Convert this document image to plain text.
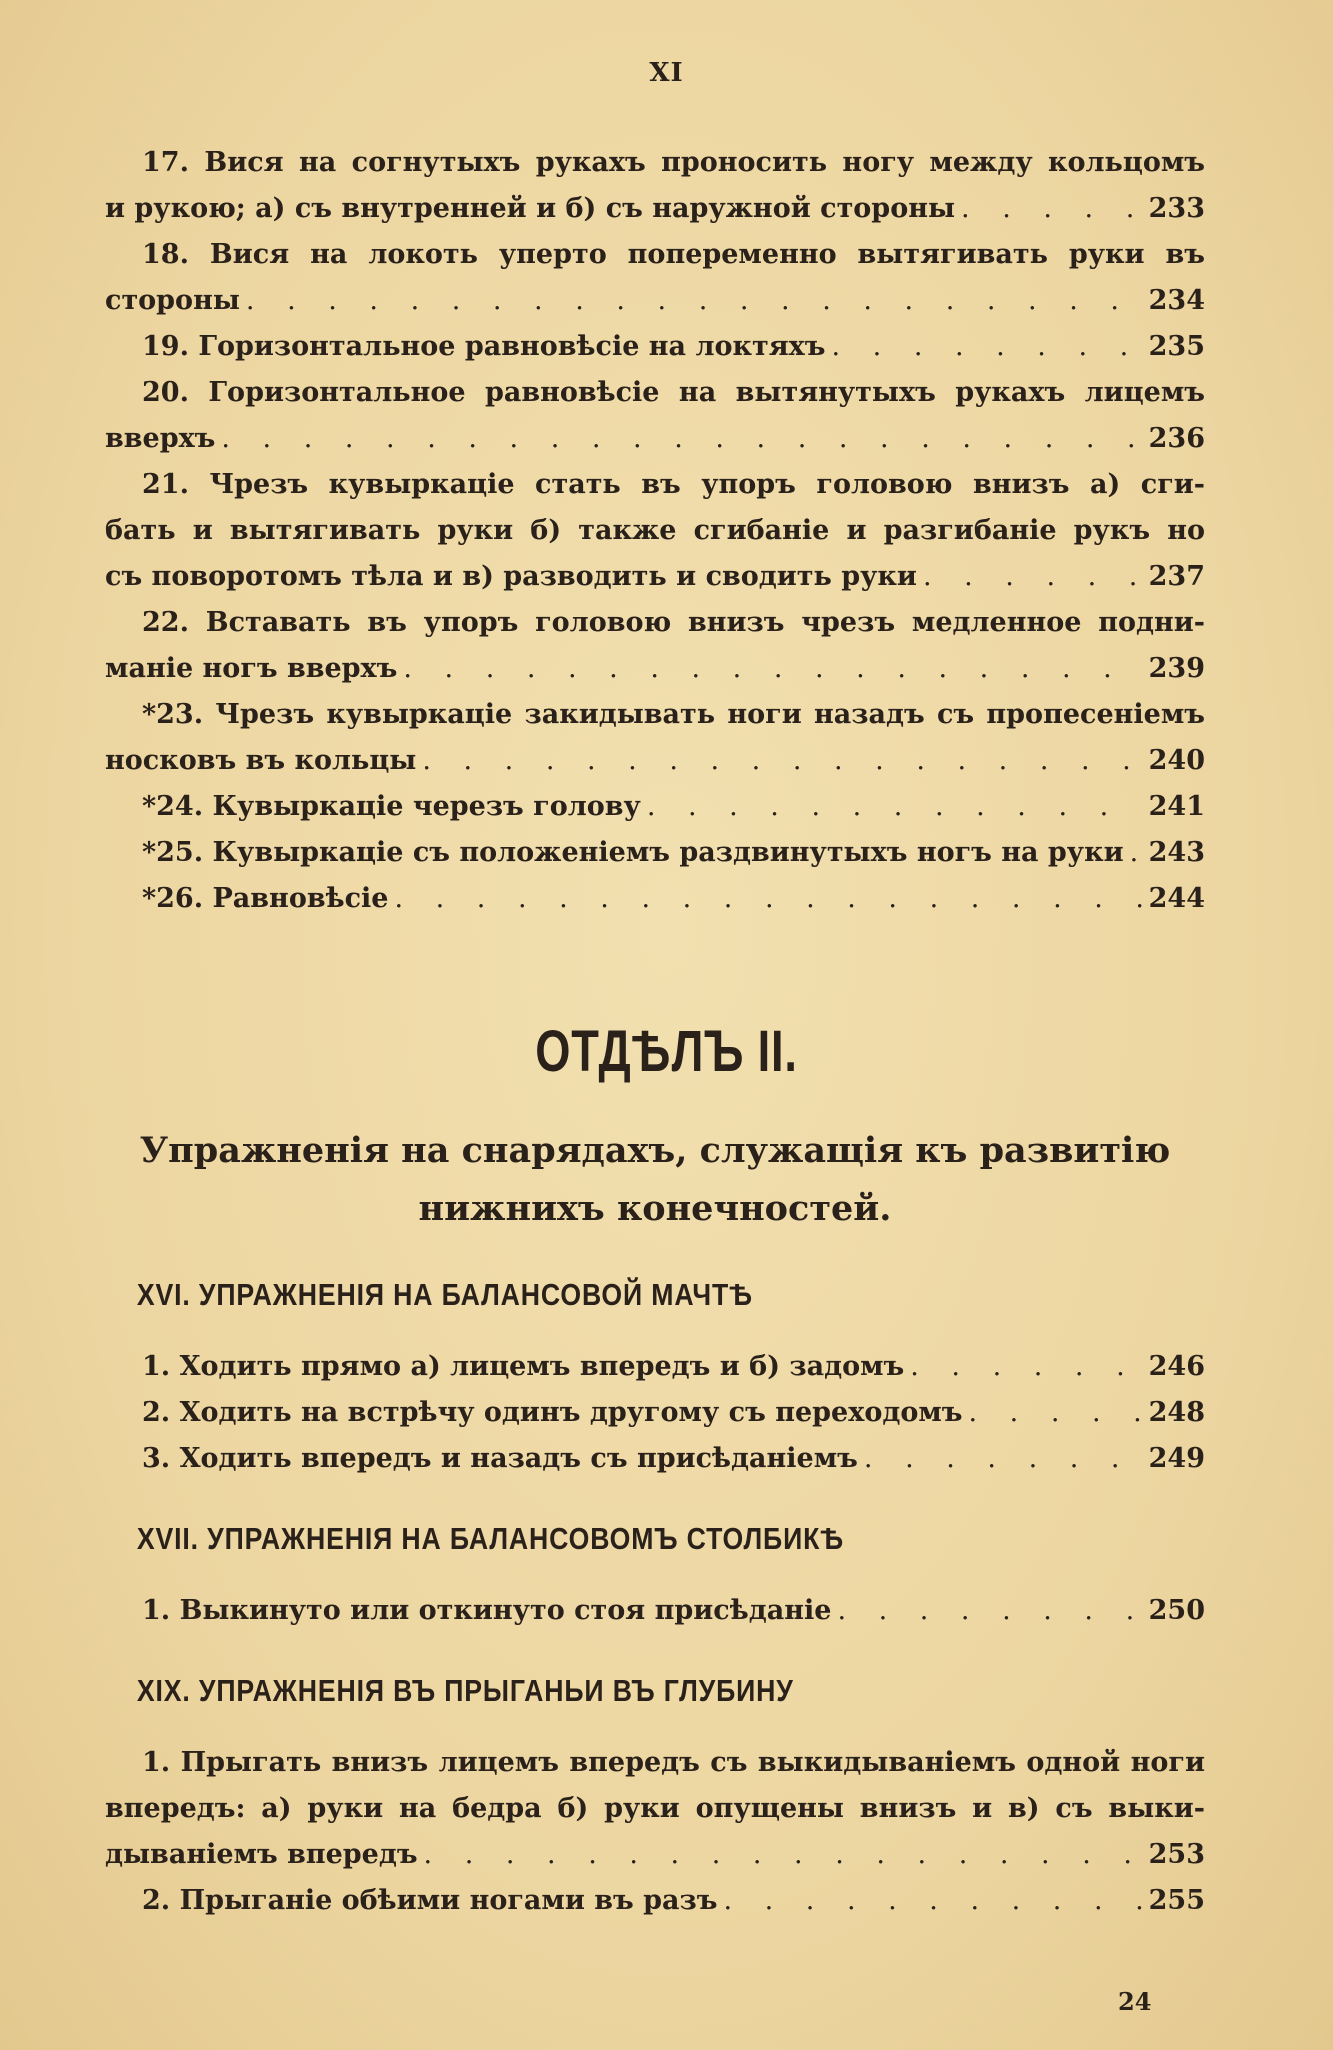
XI
17. Вися на согнутыхъ рукахъ проносить ногу между кольцомъ
и рукою; а) съ внутренней и б) съ наружной стороны . . .	233
18. Вися на локоть уперто попеременно вытягивать руки въ
стороны . . .	234
19. Горизонтальное равновѣсіе на локтяхъ . . .	235
20. Горизонтальное равновѣсіе на вытянутыхъ рукахъ лицемъ
вверхъ . . .	236
21. Чрезъ кувыркаціе стать въ упоръ головою внизъ а) сги-
бать и вытягивать руки б) также сгибаніе и разгибаніе рукъ но
съ поворотомъ тѣла и в) разводить и сводить руки . . .	237
22. Вставать въ упоръ головою внизъ чрезъ медленное подни-
маніе ногъ вверхъ . . .	239
*23. Чрезъ кувыркаціе закидывать ноги назадъ съ пропесеніемъ
носковъ въ кольцы . . .	240
*24. Кувыркаціе черезъ голову . . .	241
*25. Кувыркаціе съ положеніемъ раздвинутыхъ ногъ на руки . . . 243
*26. Равновѣсіе . . .	244
ОТДѢЛЪ II.
Упражненія на снарядахъ, служащія къ развитію
нижнихъ конечностей.
XVI. УПРАЖНЕНІЯ НА БАЛАНСОВОЙ МАЧТѢ
1. Ходить прямо а) лицемъ впередъ и б) задомъ . . .	246
2. Ходить на встрѣчу одинъ другому съ переходомъ . . .	248
3. Ходить впередъ и назадъ съ присѣданіемъ . . .	249
XVII. УПРАЖНЕНІЯ НА БАЛАНСОВОМЪ СТОЛБИКѢ
1. Выкинуто или откинуто стоя присѣданіе . . .	250
XIX. УПРАЖНЕНІЯ ВЪ ПРЫГАНЬИ ВЪ ГЛУБИНУ
1. Прыгать внизъ лицемъ впередъ съ выкидываніемъ одной ноги
впередъ: а) руки на бедра б) руки опущены внизъ и в) съ выки-
дываніемъ впередъ . . .	253
2. Прыганіе обѣими ногами въ разъ . . .	255
24
